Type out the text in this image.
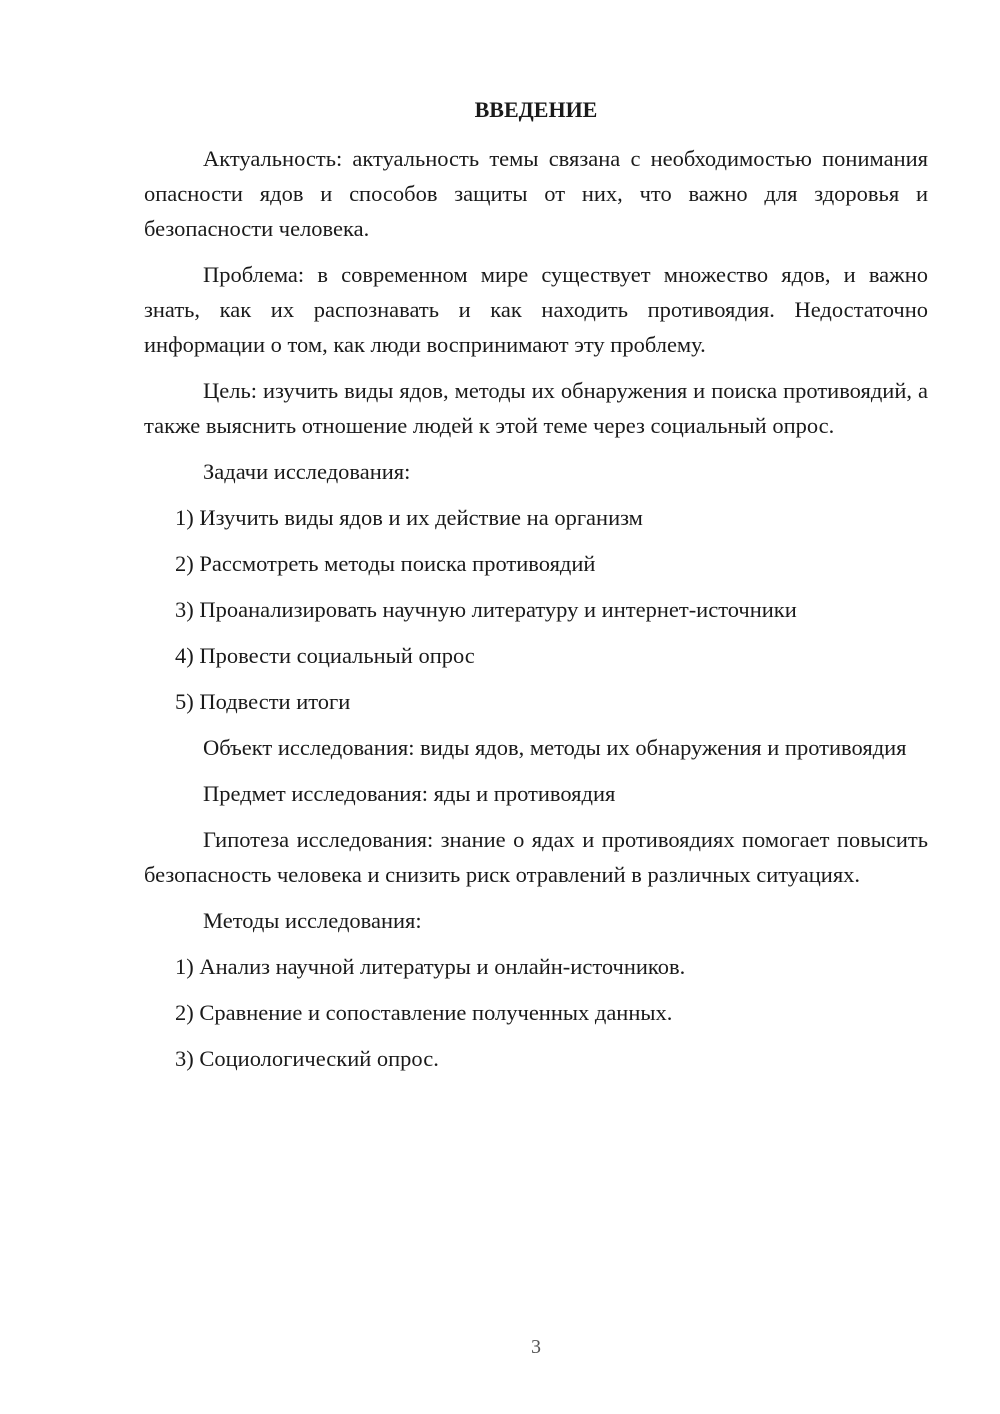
ВВЕДЕНИЕ

Актуальность: актуальность темы связана с необходимостью понимания опасности ядов и способов защиты от них, что важно для здоровья и безопасности человека.

Проблема: в современном мире существует множество ядов, и важно знать, как их распознавать и как находить противоядия. Недостаточно информации о том, как люди воспринимают эту проблему.

Цель: изучить виды ядов, методы их обнаружения и поиска противоядий, а также выяснить отношение людей к этой теме через социальный опрос.

Задачи исследования:
1) Изучить виды ядов и их действие на организм
2) Рассмотреть методы поиска противоядий
3) Проанализировать научную литературу и интернет-источники
4) Провести социальный опрос
5) Подвести итоги

Объект исследования: виды ядов, методы их обнаружения и противоядия

Предмет исследования: яды и противоядия

Гипотеза исследования: знание о ядах и противоядиях помогает повысить безопасность человека и снизить риск отравлений в различных ситуациях.

Методы исследования:
1) Анализ научной литературы и онлайн-источников.
2) Сравнение и сопоставление полученных данных.
3) Социологический опрос.
3
